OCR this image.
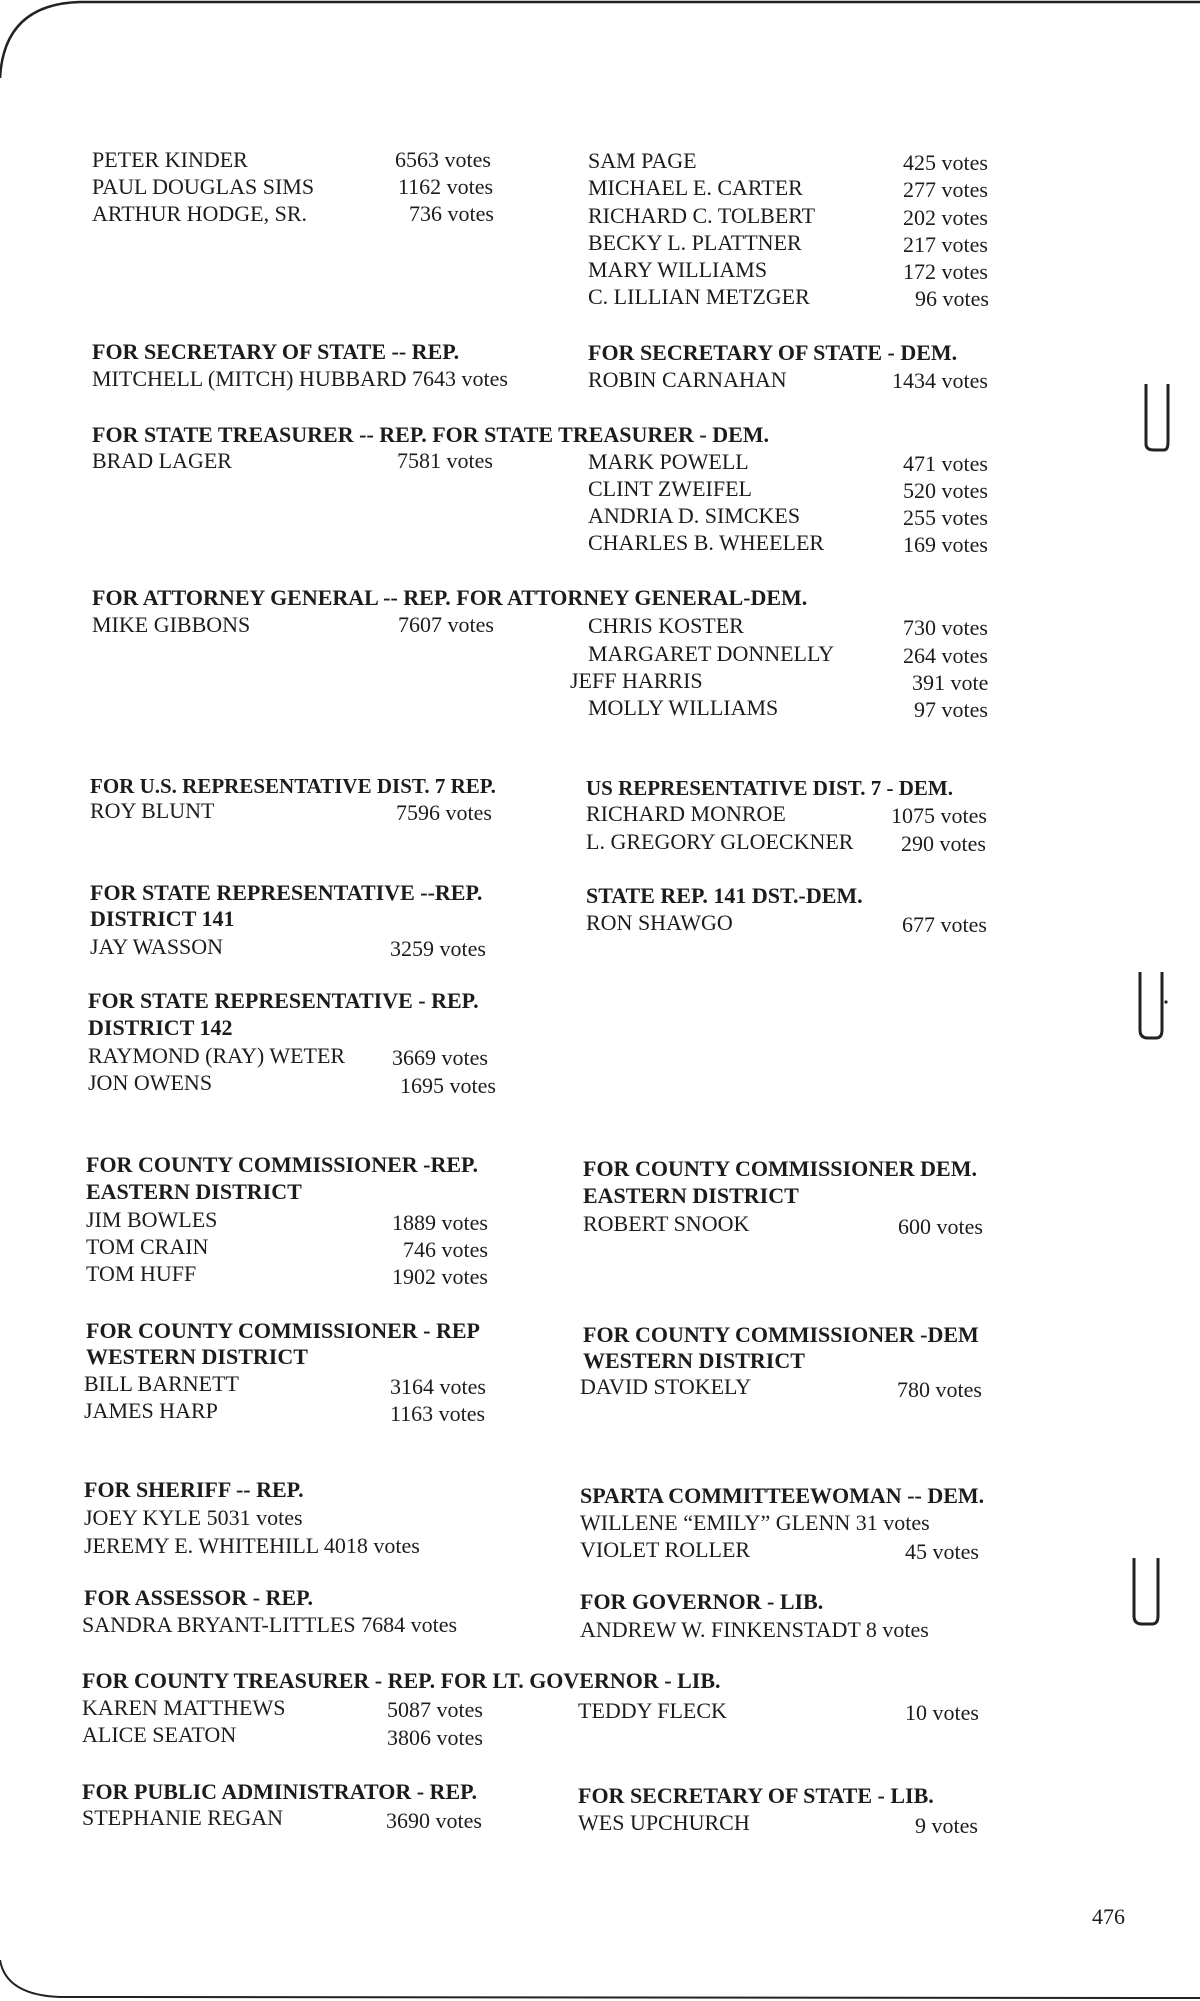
PETER KINDER	6563 votes
PAUL DOUGLAS SIMS	1162 votes
ARTHUR HODGE, SR.	736 votes
SAM PAGE	425 votes
MICHAEL E. CARTER	277 votes
RICHARD C. TOLBERT	202 votes
BECKY L. PLATTNER	217 votes
MARY WILLIAMS	172 votes
C. LILLIAN METZGER	96 votes
FOR SECRETARY OF STATE -- REP.	FOR SECRETARY OF STATE - DEM.
MITCHELL (MITCH) HUBBARD 7643 votes	ROBIN CARNAHAN	1434 votes
FOR STATE TREASURER -- REP. FOR STATE TREASURER - DEM.
BRAD LAGER	7581 votes	MARK POWELL	471 votes
CLINT ZWEIFEL	520 votes
ANDRIA D. SIMCKES	255 votes
CHARLES B. WHEELER	169 votes
FOR ATTORNEY GENERAL -- REP. FOR ATTORNEY GENERAL-DEM.
MIKE GIBBONS	7607 votes	CHRIS KOSTER	730 votes
MARGARET DONNELLY	264 votes
JEFF HARRIS	391 vote
MOLLY WILLIAMS	97 votes
FOR U.S. REPRESENTATIVE DIST. 7 REP.	US REPRESENTATIVE DIST. 7 - DEM.
ROY BLUNT	7596 votes	RICHARD MONROE	1075 votes
L. GREGORY GLOECKNER 290 votes
FOR STATE REPRESENTATIVE --REP.
DISTRICT 141
JAY WASSON	3259 votes
STATE REP. 141 DST.-DEM.
RON SHAWGO	677 votes
FOR STATE REPRESENTATIVE - REP.
DISTRICT 142
RAYMOND (RAY) WETER 3669 votes
JON OWENS	1695 votes
FOR COUNTY COMMISSIONER -REP.
EASTERN DISTRICT
JIM BOWLES	1889 votes
TOM CRAIN	746 votes
TOM HUFF	1902 votes
FOR COUNTY COMMISSIONER DEM.
EASTERN DISTRICT
ROBERT SNOOK	600 votes
FOR COUNTY COMMISSIONER - REP
WESTERN DISTRICT
BILL BARNETT	3164 votes
JAMES HARP	1163 votes
FOR COUNTY COMMISSIONER -DEM
WESTERN DISTRICT
DAVID STOKELY	780 votes
FOR SHERIFF -- REP.
JOEY KYLE 5031 votes
JEREMY E. WHITEHILL 4018 votes
SPARTA COMMITTEEWOMAN -- DEM.
WILLENE “EMILY” GLENN 31 votes
VIOLET ROLLER	45 votes
FOR ASSESSOR - REP.
SANDRA BRYANT-LITTLES 7684 votes
FOR GOVERNOR - LIB.
ANDREW W. FINKENSTADT 8 votes
FOR COUNTY TREASURER - REP. FOR LT. GOVERNOR - LIB.
KAREN MATTHEWS	5087 votes
ALICE SEATON	3806 votes
TEDDY FLECK	10 votes
FOR PUBLIC ADMINISTRATOR - REP.
STEPHANIE REGAN	3690 votes
FOR SECRETARY OF STATE - LIB.
WES UPCHURCH	9 votes
476
